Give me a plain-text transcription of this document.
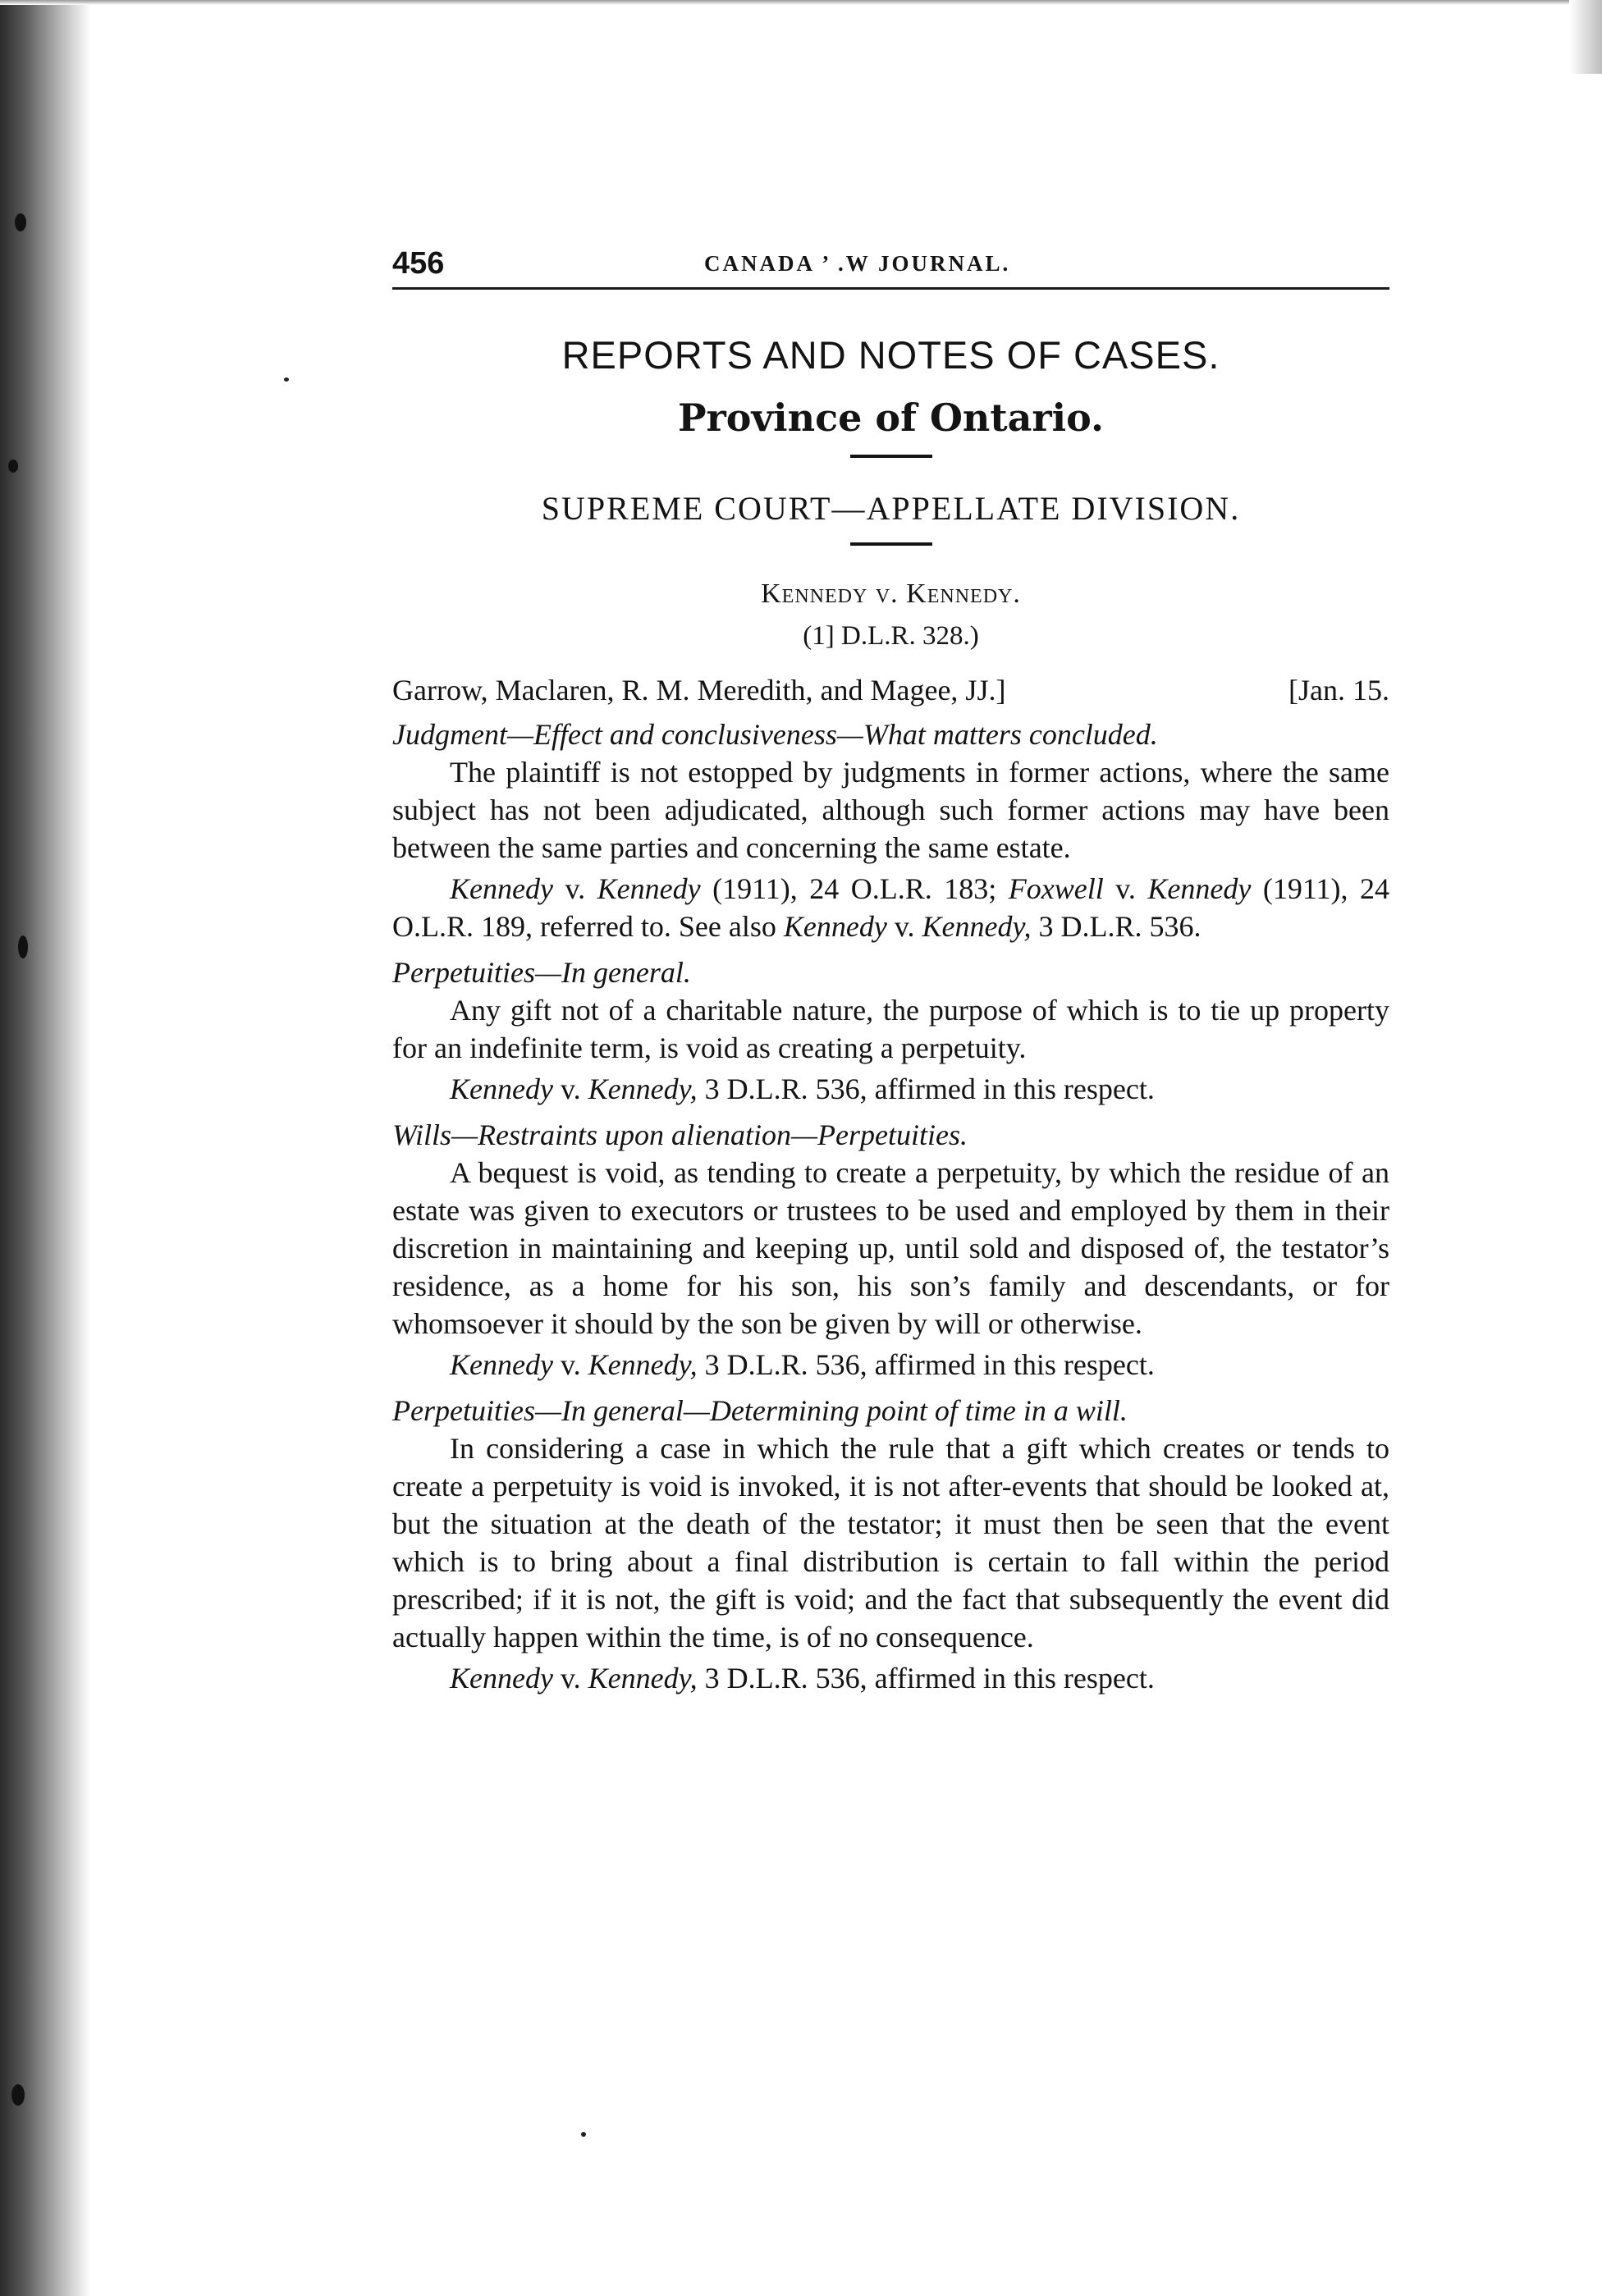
456	CANADA ’ .W JOURNAL.
REPORTS AND NOTES OF CASES.
Province of Ontario.
SUPREME COURT—APPELLATE DIVISION.
Kennedy v. Kennedy.
(1] D.L.R. 328.)
Garrow, Maclaren, R. M. Meredith, and Magee, JJ.]	[Jan. 15.

Judgment—Effect and conclusiveness—What matters concluded.

The plaintiff is not estopped by judgments in former actions, where the same subject has not been adjudicated, although such former actions may have been between the same parties and concerning the same estate.

Kennedy v. Kennedy (1911), 24 O.L.R. 183; Foxwell v. Kennedy (1911), 24 O.L.R. 189, referred to. See also Kennedy v. Kennedy, 3 D.L.R. 536.

Perpetuities—In general.

Any gift not of a charitable nature, the purpose of which is to tie up property for an indefinite term, is void as creating a perpetuity.

Kennedy v. Kennedy, 3 D.L.R. 536, affirmed in this respect.

Wills—Restraints upon alienation—Perpetuities.

A bequest is void, as tending to create a perpetuity, by which the residue of an estate was given to executors or trustees to be used and employed by them in their discretion in maintaining and keeping up, until sold and disposed of, the testator’s residence, as a home for his son, his son’s family and descendants, or for whomsoever it should by the son be given by will or otherwise.

Kennedy v. Kennedy, 3 D.L.R. 536, affirmed in this respect.

Perpetuities—In general—Determining point of time in a will.

In considering a case in which the rule that a gift which creates or tends to create a perpetuity is void is invoked, it is not after-events that should be looked at, but the situation at the death of the testator; it must then be seen that the event which is to bring about a final distribution is certain to fall within the period prescribed; if it is not, the gift is void; and the fact that subsequently the event did actually happen within the time, is of no consequence.

Kennedy v. Kennedy, 3 D.L.R. 536, affirmed in this respect.
